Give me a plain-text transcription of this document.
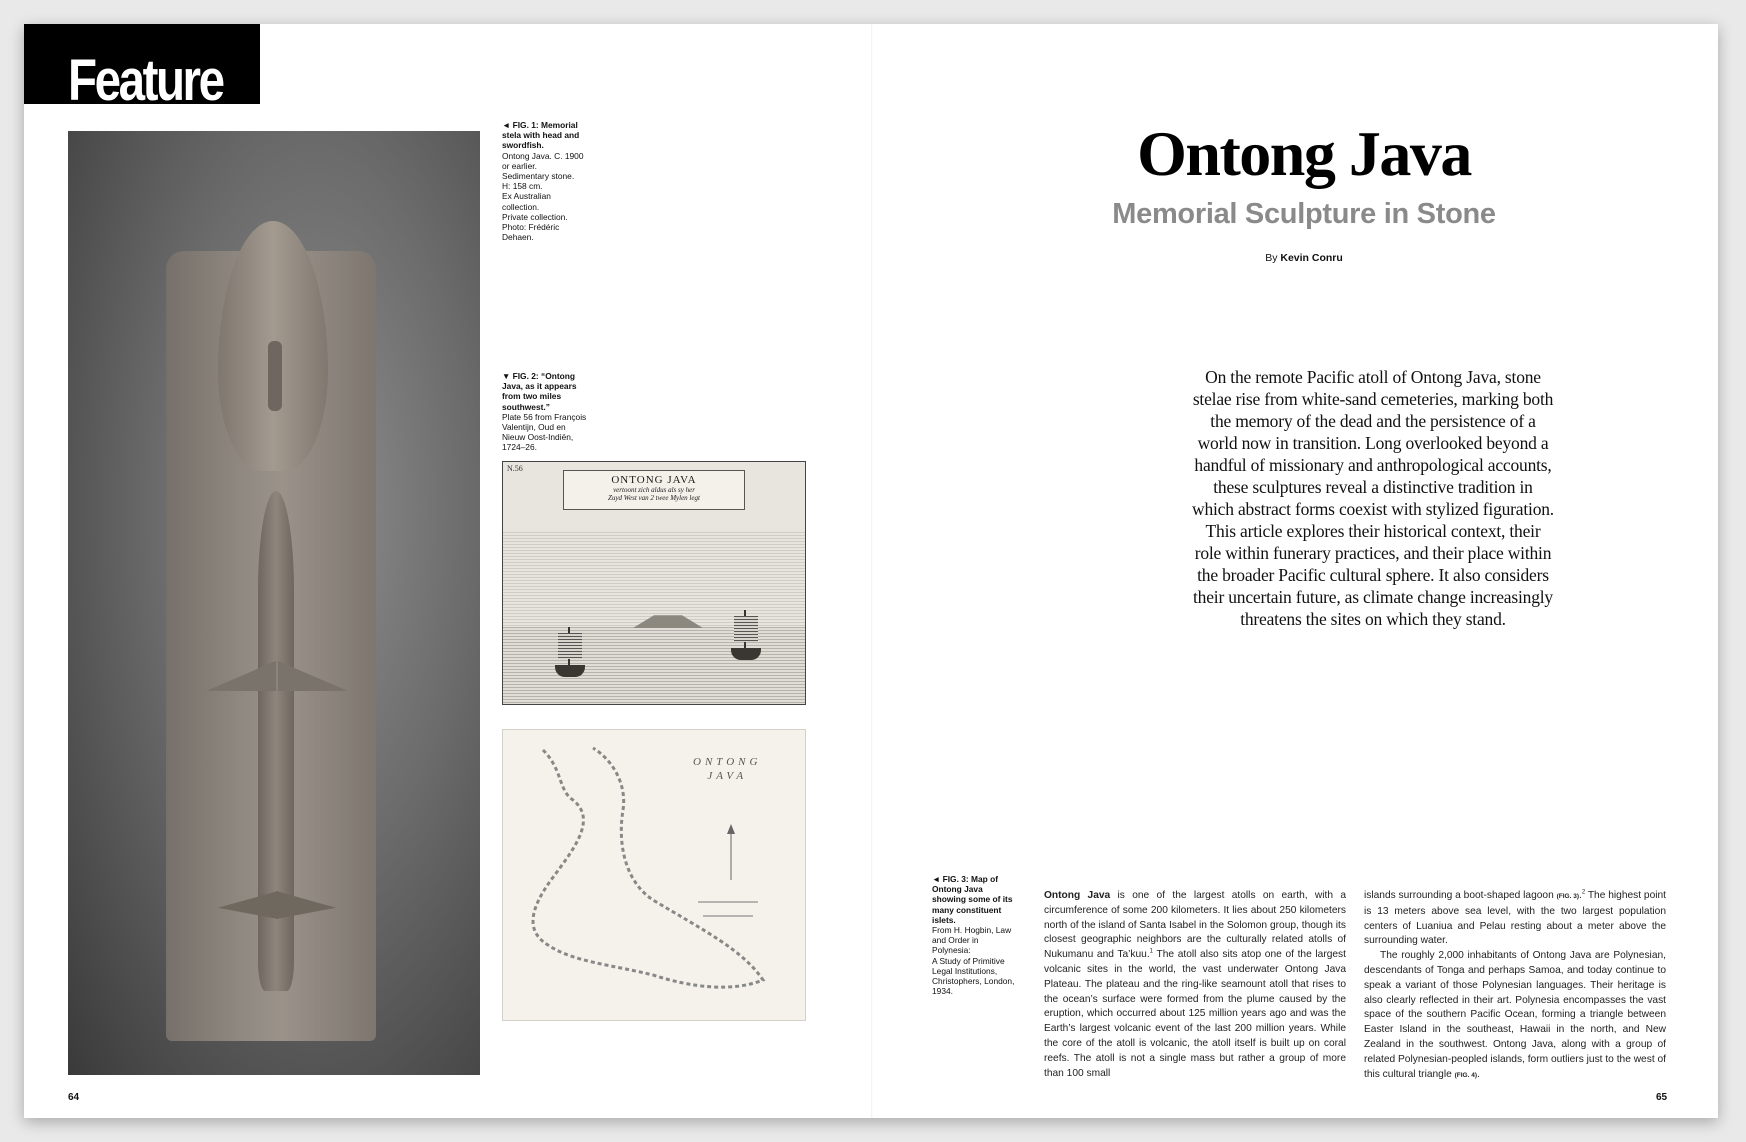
Feature
◄ FIG. 1: Memorial stela with head and swordfish.
Ontong Java. C. 1900
or earlier.
Sedimentary stone.
H: 158 cm.
Ex Australian
collection.
Private collection.
Photo: Frédéric
Dehaen.
▼ FIG. 2: “Ontong Java, as it appears from two miles southwest.”
Plate 56 from François
Valentijn, Oud en
Nieuw Oost-Indiën,
1724–26.
N.56
ONTONG JAVA
vertoont zich aldus als sy her
Zuyd West van 2 twee Mylen legt
ONTONG
JAVA
◄ FIG. 3: Map of Ontong Java showing some of its many constituent islets.
From H. Hogbin, Law
and Order in Polynesia:
A Study of Primitive
Legal Institutions,
Christophers, London,
1934.
Ontong Java
Memorial Sculpture in Stone
By Kevin Conru
On the remote Pacific atoll of Ontong Java, stone stelae rise from white-sand cemeteries, marking both the memory of the dead and the persistence of a world now in transition. Long overlooked beyond a handful of missionary and anthropological accounts, these sculptures reveal a distinctive tradition in which abstract forms coexist with stylized figuration. This article explores their historical context, their role within funerary practices, and their place within the broader Pacific cultural sphere. It also considers their uncertain future, as climate change increasingly threatens the sites on which they stand.

Ontong Java is one of the largest atolls on earth, with a circumference of some 200 kilometers. It lies about 250 kilometers north of the island of Santa Isabel in the Solomon group, though its closest geographic neighbors are the culturally related atolls of Nukumanu and Ta’kuu.$^1$ The atoll also sits atop one of the largest volcanic sites in the world, the vast underwater Ontong Java Plateau. The plateau and the ring-like seamount atoll that rises to the ocean’s surface were formed from the plume caused by the eruption, which occurred about 125 million years ago and was the Earth’s largest volcanic event of the last 200 million years. While the core of the atoll is volcanic, the atoll itself is built up on coral reefs. The atoll is not a single mass but rather a group of more than 100 small

islands surrounding a boot-shaped lagoon (FIG. 3).$^2$ The highest point is 13 meters above sea level, with the two largest population centers of Luaniua and Pelau resting about a meter above the surrounding water.

The roughly 2,000 inhabitants of Ontong Java are Polynesian, descendants of Tonga and perhaps Samoa, and today continue to speak a variant of those Polynesian languages. Their heritage is also clearly reflected in their art. Polynesia encompasses the vast space of the southern Pacific Ocean, forming a triangle between Easter Island in the southeast, Hawaii in the north, and New Zealand in the southwest. Ontong Java, along with a group of related Polynesian-peopled islands, form outliers just to the west of this cultural triangle (FIG. 4).

64	65
